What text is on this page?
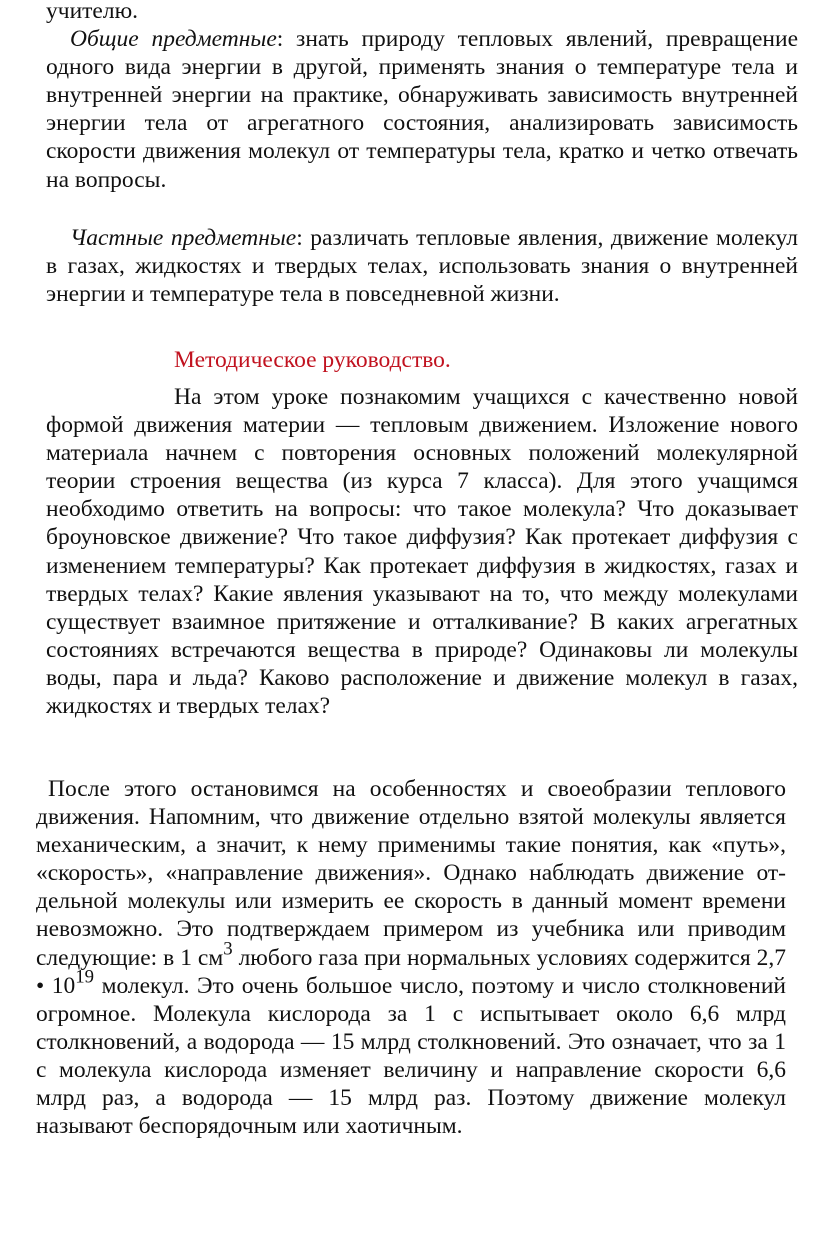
учителю.
Общие предметные: знать природу тепловых явлений, превращение одного вида энергии в другой, применять знания о температуре тела и внутренней энергии на практике, обнаруживать зависимость внутренней энергии тела от агрегатного состояния, анализировать зависимость скорости движения молекул от температуры тела, кратко и четко отвечать на вопросы.

Частные предметные: различать тепловые явления, движение молекул в газах, жидкостях и твердых телах, использовать знания о внутренней энергии и температуре тела в повседневной жизни.

Методическое руководство.

На этом уроке познакомим учащихся с качественно новой формой движения материи — тепловым движением. Изложение нового материала начнем с повторения основных положений молекулярной теории строения вещества (из курса 7 класса). Для этого учащимся необходимо ответить на вопросы: что такое молекула? Что доказывает броуновское движение? Что такое диффузия? Как протекает диффузия с изменением температуры? Как протекает диффузия в жидкостях, газах и твердых телах? Какие явления указывают на то, что между молекулами существует взаимное притяжение и отталкивание? В каких агрегатных состояниях встречаются вещества в природе? Одинаковы ли молекулы воды, пара и льда? Каково расположение и движение молекул в газах, жидкостях и твердых телах?

После этого остановимся на особенностях и своеобразии теплового движения. Напомним, что движение отдельно взятой молекулы является механическим, а значит, к нему применимы такие понятия, как «путь», «скорость», «направление движения». Однако наблюдать движение от-дельной молекулы или измерить ее скорость в данный момент времени невозможно. Это подтверждаем примером из учебника или приводим следующие: в 1 $см^3$ любого газа при нормальных условиях содержится 2,7 • $10^{19}$ молекул. Это очень большое число, поэтому и число столкновений огромное. Молекула кислорода за 1 с испытывает около 6,6 млрд столкновений, а водорода — 15 млрд столкновений. Это означает, что за 1 с молекула кислорода изменяет величину и направление скорости 6,6 млрд раз, а водорода — 15 млрд раз. Поэтому движение молекул называют беспорядочным или хаотичным.
